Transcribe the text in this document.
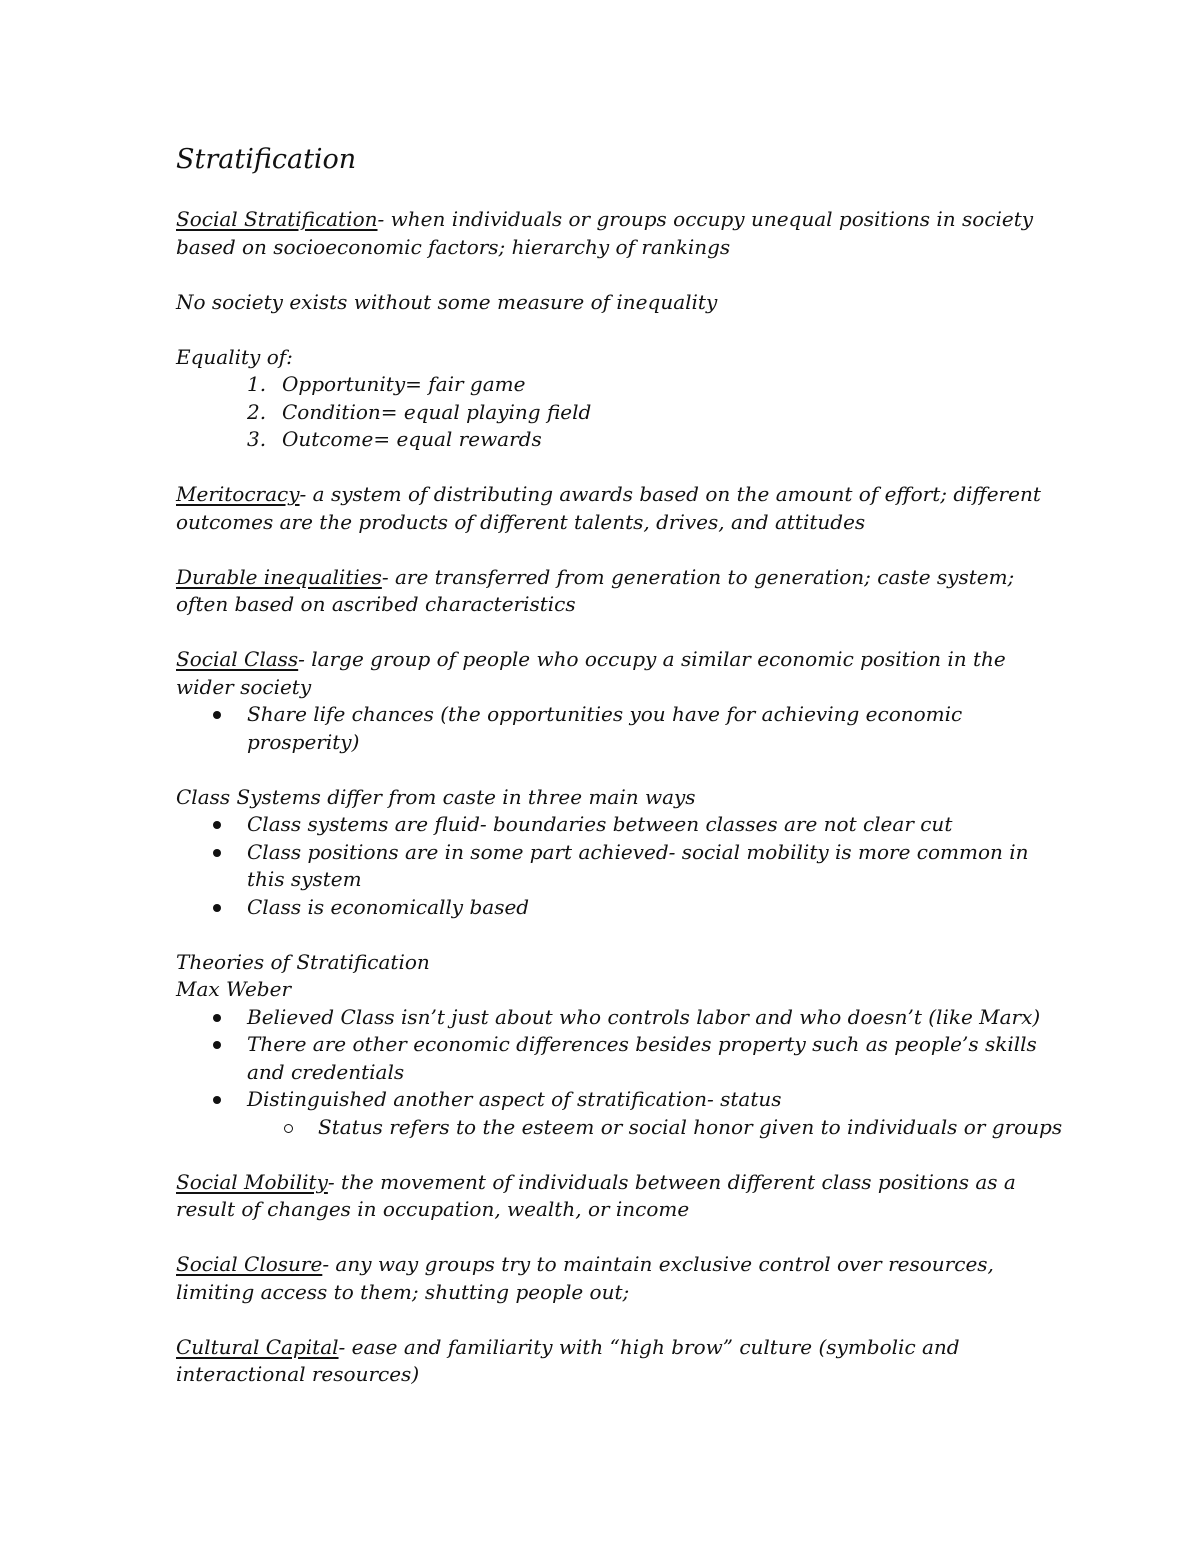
Stratification

Social Stratification- when individuals or groups occupy unequal positions in society

based on socioeconomic factors; hierarchy of rankings

No society exists without some measure of inequality

Equality of:

1. Opportunity= fair game
2. Condition= equal playing field
3. Outcome= equal rewards

Meritocracy- a system of distributing awards based on the amount of effort; different

outcomes are the products of different talents, drives, and attitudes

Durable inequalities- are transferred from generation to generation; caste system;

often based on ascribed characteristics

Social Class- large group of people who occupy a similar economic position in the

wider society

Share life chances (the opportunities you have for achieving economic
prosperity)

Class Systems differ from caste in three main ways

Class systems are fluid- boundaries between classes are not clear cut
Class positions are in some part achieved- social mobility is more common in
this system
Class is economically based

Theories of Stratification

Max Weber

Believed Class isn’t just about who controls labor and who doesn’t (like Marx)
There are other economic differences besides property such as people’s skills
and credentials
Distinguished another aspect of stratification- status
Status refers to the esteem or social honor given to individuals or groups

Social Mobility- the movement of individuals between different class positions as a

result of changes in occupation, wealth, or income

Social Closure- any way groups try to maintain exclusive control over resources,

limiting access to them; shutting people out;

Cultural Capital- ease and familiarity with “high brow” culture (symbolic and

interactional resources)
